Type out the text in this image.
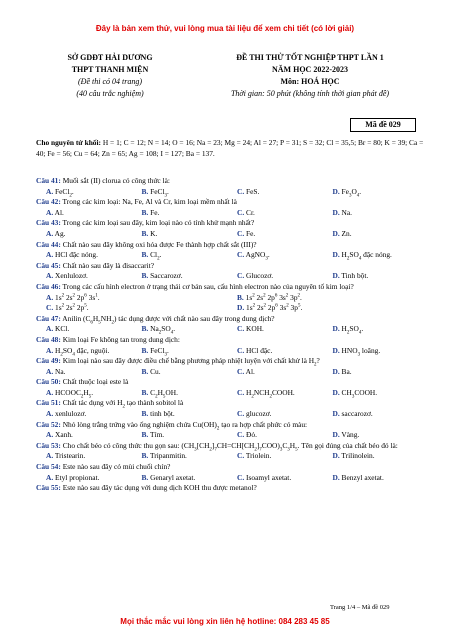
Đây là bản xem thử, vui lòng mua tài liệu để xem chi tiết (có lời giải)
SỞ GDĐT HẢI DƯƠNG
THPT THANH MIỆN
(Đề thi có 04 trang)
(40 câu trắc nghiệm)
ĐỀ THI THỬ TỐT NGHIỆP THPT LẦN 1
NĂM HỌC 2022-2023
Môn: HOÁ HỌC
Thời gian: 50 phút (không tính thời gian phát đề)
Mã đề 029
Cho nguyên tử khối: H = 1; C = 12; N = 14; O = 16; Na = 23; Mg = 24; Al = 27; P = 31; S = 32; Cl = 35,5; Br = 80; K = 39; Ca = 40; Fe = 56; Cu = 64; Zn = 65; Ag = 108; I = 127; Ba = 137.

Câu 41: Muối sắt (II) clorua có công thức là:

A. FeCl$_2$.	B. FeCl$_3$.	C. FeS.	D. $Fe_3O_4$.

Câu 42: Trong các kim loại: Na, Fe, Al và Cr, kim loại mềm nhất là

A. Al.	B. Fe.	C. Cr.	D. Na.

Câu 43: Trong các kim loại sau đây, kim loại nào có tính khử mạnh nhất?

A. Ag.	B. K.	C. Fe.	D. Zn.

Câu 44: Chất nào sau đây không oxi hóa được Fe thành hợp chất sắt (III)?

A. HCl đặc nóng.	B. $Cl_2$.	C. AgNO$_3$.	D. $H_2SO_4$ đặc nóng.

Câu 45: Chất nào sau đây là đisaccarit?

A. Xenlulozơ.	B. Saccarozơ.	C. Glucozơ.	D. Tinh bột.

Câu 46: Trong các cấu hình electron ở trạng thái cơ bản sau, cấu hình electron nào của nguyên tố kim loại?

A. $1s^2$ $2s^2$ $2p^6$ $3s^1$.	B. $1s^2$ $2s^2$ $2p^6$ $3s^2$ $3p^2$.
C. $1s^2$ $2s^2$ $2p^5$.	D. $1s^2$ $2s^2$ $2p^6$ $3s^2$ $3p^5$.

Câu 47: Anilin $(C_6H_5NH_2)$ tác dụng được với chất nào sau đây trong dung dịch?

A. KCl.	B. $Na_2SO_4$.	C. KOH.	D. $H_2SO_4$.

Câu 48: Kim loại Fe không tan trong dung dịch:

A. $H_2SO_4$ đặc, nguội.	B. FeCl$_3$.	C. HCl đặc.	D. $HNO_3$ loãng.

Câu 49: Kim loại nào sau đây được điều chế bằng phương pháp nhiệt luyện với chất khử là $H_2$?

A. Na.	B. Cu.	C. Al.	D. Ba.

Câu 50: Chất thuộc loại este là

A. $HCOOC_2H_5$.	B. $C_2H_5OH$.	C. $H_2NCH_2COOH$.	D. $CH_3COOH$.

Câu 51: Chất tác dụng với $H_2$ tạo thành sobitol là

A. xenlulozơ.	B. tinh bột.	C. glucozơ.	D. saccarozơ.

Câu 52: Nhỏ lòng trắng trứng vào ống nghiệm chứa $Cu(OH)_2$ tạo ra hợp chất phức có màu:

A. Xanh.	B. Tím.	C. Đỏ.	D. Vàng.

Câu 53: Cho chất béo có công thức thu gọn sau: $(CH_3[CH_2]_7CH=CH[CH_2]_7COO)_3C_3H_5$. Tên gọi đúng của chất béo đó là:

A. Tristearin.	B. Tripanmitin.	C. Triolein.	D. Trilinolein.

Câu 54: Este nào sau đây có mùi chuối chín?

A. Etyl propionat.	B. Genaryl axetat.	C. Isoamyl axetat.	D. Benzyl axetat.

Câu 55: Este nào sau đây tác dụng với dung dịch KOH thu được metanol?

Trang 1/4 – Mã đề 029
Mọi thắc mắc vui lòng xin liên hệ hotline: 084 283 45 85
